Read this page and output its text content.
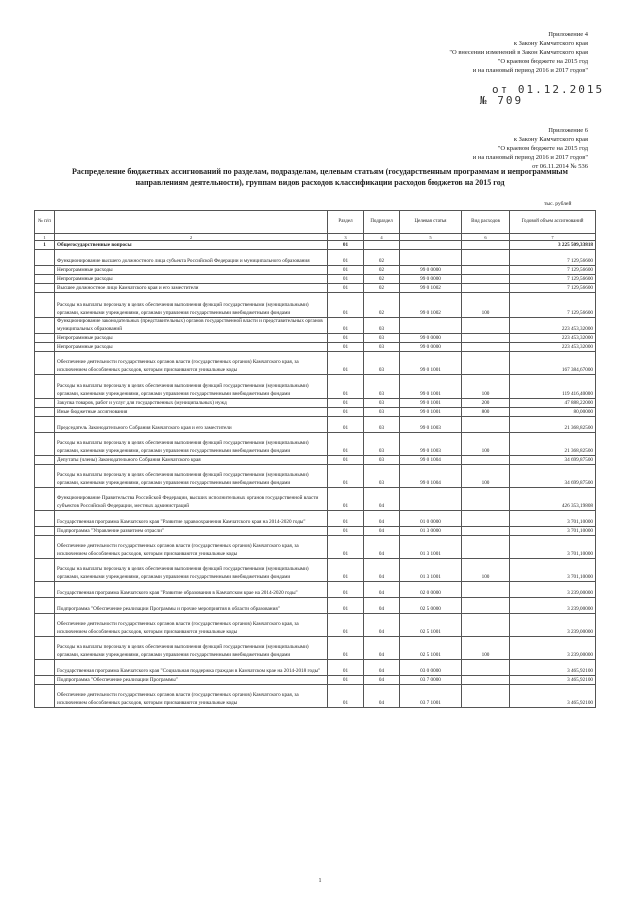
Приложение 4
к Закону Камчатского края
"О внесении изменений в Закон Камчатского края
"О краевом бюджете на 2015 год
и на плановый период 2016 и 2017 годов"
от 01.12.2015
№ 709
Приложение 6
к Закону Камчатского края
"О краевом бюджете на 2015 год
и на плановый период 2016 и 2017 годов"
от 06.11.2014 № 536
Распределение бюджетных ассигнований по разделам, подразделам, целевым статьям (государственным программам и непрограммным направлениям деятельности), группам видов расходов классификации расходов бюджетов на 2015 год
тыс. рублей
№ п/п		Раздел	Подраздел	Целевая статья	Вид расходов	Годовой объем ассигнований
1	2	3	4	5	6	7
1	Общегосударственные вопросы	01				3 225 509,33818
	Функционирование высшего должностного лица субъекта Российской Федерации и муниципального образования	01	02			7 129,56600
	Непрограммные расходы	01	02	99 0 0000		7 129,56600
	Непрограммные расходы	01	02	99 0 0000		7 129,56600
	Высшее должностное лицо Камчатского края и его заместители	01	02	99 0 1002		7 129,56600
	Расходы на выплаты персоналу в целях обеспечения выполнения функций государственными (муниципальными) органами, казенными учреждениями, органами управления государственными внебюджетными фондами	01	02	99 0 1002	100	7 129,56600
	Функционирование законодательных (представительных) органов государственной власти и представительных органов муниципальных образований	01	03			223 453,32000
	Непрограммные расходы	01	03	99 0 0000		223 453,32000
	Непрограммные расходы	01	03	99 0 0000		223 453,32000
	Обеспечение деятельности государственных органов власти (государственных органов) Камчатского края, за исключением обособленных расходов, которым присваиваются уникальные коды	01	03	99 0 1001		167 384,67000
	Расходы на выплаты персоналу в целях обеспечения выполнения функций государственными (муниципальными) органами, казенными учреждениями, органами управления государственными внебюджетными фондами	01	03	99 0 1001	100	119 416,40000
	Закупка товаров, работ и услуг для государственных (муниципальных) нужд	01	03	99 0 1001	200	47 888,22000
	Иные бюджетные ассигнования	01	03	99 0 1001	800	80,00000
	Председатель Законодательного Собрания Камчатского края и его заместители	01	03	99 0 1003		21 368,82500
	Расходы на выплаты персоналу в целях обеспечения выполнения функций государственными (муниципальными) органами, казенными учреждениями, органами управления государственными внебюджетными фондами	01	03	99 0 1003	100	21 368,82500
	Депутаты (члены) Законодательного Собрания Камчатского края	01	03	99 0 1004		34 699,87500
	Расходы на выплаты персоналу в целях обеспечения выполнения функций государственными (муниципальными) органами, казенными учреждениями, органами управления государственными внебюджетными фондами	01	03	99 0 1004	100	34 699,87500
	Функционирование Правительства Российской Федерации, высших исполнительных органов государственной власти субъектов Российской Федерации, местных администраций	01	04			426 353,19808
	Государственная программа Камчатского края "Развитие здравоохранения Камчатского края на 2014-2020 годы"	01	04	01 0 0000		3 701,10000
	Подпрограмма "Управление развитием отрасли"	01	04	01 3 0000		3 701,10000
	Обеспечение деятельности государственных органов власти (государственных органов) Камчатского края, за исключением обособленных расходов, которым присваиваются уникальные коды	01	04	01 3 1001		3 701,10000
	Расходы на выплаты персоналу в целях обеспечения выполнения функций государственными (муниципальными) органами, казенными учреждениями, органами управления государственными внебюджетными фондами	01	04	01 3 1001	100	3 701,10000
	Государственная программа Камчатского края "Развитие образования в Камчатском крае на 2014-2020 годы"	01	04	02 0 0000		3 239,00000
	Подпрограмма "Обеспечение реализации Программы и прочие мероприятия в области образования"	01	04	02 5 0000		3 239,00000
	Обеспечение деятельности государственных органов власти (государственных органов) Камчатского края, за исключением обособленных расходов, которым присваиваются уникальные коды	01	04	02 5 1001		3 239,00000
	Расходы на выплаты персоналу в целях обеспечения выполнения функций государственными (муниципальными) органами, казенными учреждениями, органами управления государственными внебюджетными фондами	01	04	02 5 1001	100	3 239,00000
	Государственная программа Камчатского края "Социальная поддержка граждан в Камчатском крае на 2014-2018 годы"	01	04	03 0 0000		3 465,92100
	Подпрограмма "Обеспечение реализации Программы"	01	04	03 7 0000		3 465,92100
	Обеспечение деятельности государственных органов власти (государственных органов) Камчатского края, за исключением обособленных расходов, которым присваиваются уникальные коды	01	04	03 7 1001		3 465,92100
1
